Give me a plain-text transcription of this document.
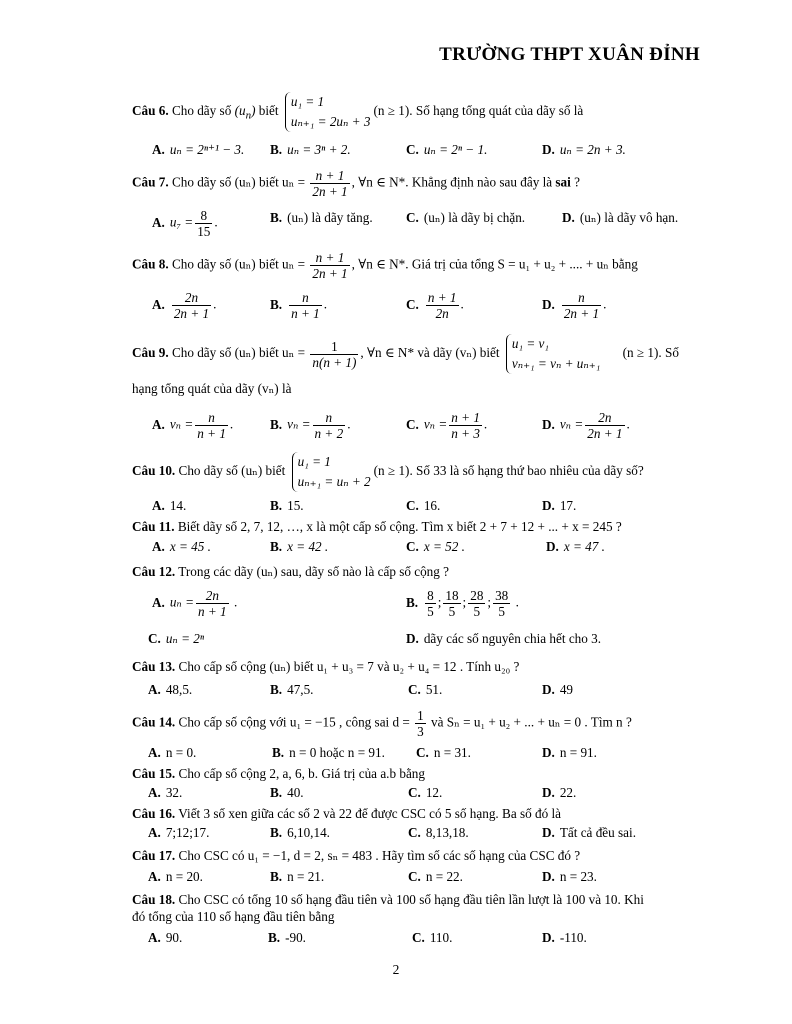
TRƯỜNG THPT XUÂN ĐỈNH
Câu 6. Cho dãy số $(u_n)$ biết
u₁ = 1
uₙ₊₁ = 2uₙ + 3
(n ≥ 1). Số hạng tổng quát của dãy số là
A. uₙ = 2ⁿ⁺¹ − 3. B. uₙ = 3ⁿ + 2.	C. uₙ = 2ⁿ − 1.	D. uₙ = 2n + 3.
Câu 7. Cho dãy số (uₙ) biết $u_n = \frac{n + 1}{2n + 1}$ , ∀n ∈ N*. Khẳng định nào sau đây là sai ?
A. $u_7 = \frac{8}{15}$ .	B. (uₙ) là dãy tăng.	C. (uₙ) là dãy bị chặn.	D. (uₙ) là dãy vô hạn.
Câu 8. Cho dãy số (uₙ) biết $u_n = \frac{n + 1}{2n + 1}$ , ∀n ∈ N*. Giá trị của tổng S = u₁ + u₂ + .... + uₙ bằng
A. $\frac{2n}{2n + 1}$ .	B. $\frac{n}{n + 1}$ .	C. $\frac{n + 1}{2n}$ .	D. $\frac{n}{2n + 1}$ .
Câu 9. Cho dãy số (uₙ) biết $u_n = \frac{1}{n(n + 1)}$ , ∀n ∈ N* và dãy (vₙ) biết
u₁ = v₁
vₙ₊₁ = vₙ + uₙ₊₁
(n ≥ 1). Số
hạng tổng quát của dãy (vₙ) là
A. $v_n = \frac{n}{n + 1}$ .	B. $v_n = \frac{n}{n + 2}$ .	C. $v_n = \frac{n + 1}{n + 3}$ .	D. $v_n = \frac{2n}{2n + 1}$ .
Câu 10. Cho dãy số (uₙ) biết
u₁ = 1
uₙ₊₁ = uₙ + 2
(n ≥ 1). Số 33 là số hạng thứ bao nhiêu của dãy số?
A. 14.	B. 15.	C. 16.	D. 17.
Câu 11. Biết dãy số 2, 7, 12, …, x là một cấp số cộng. Tìm x biết 2 + 7 + 12 + ... + x = 245 ?
A. x = 45 .	B. x = 42 .	C. x = 52 .	D. x = 47 .
Câu 12. Trong các dãy (uₙ) sau, dãy số nào là cấp số cộng ?
A. $u_n = \frac{2n}{n + 1}$ .	B. $\frac{8}{5}$ ; $\frac{18}{5}$ ; $\frac{28}{5}$ ; $\frac{38}{5}$ .
C. uₙ = 2ⁿ	D. dãy các số nguyên chia hết cho 3.
Câu 13. Cho cấp số cộng (uₙ) biết u₁ + u₃ = 7 và u₂ + u₄ = 12 . Tính u₂₀ ?
A. 48,5.	B. 47,5.	C. 51.	D. 49
Câu 14. Cho cấp số cộng với u₁ = −15 , công sai $d = \frac{1}{3}$ và Sₙ = u₁ + u₂ + ... + uₙ = 0 . Tìm n ?
A. n = 0.	B. n = 0 hoặc n = 91. C. n = 31.	D. n = 91.
Câu 15. Cho cấp số cộng 2, a, 6, b. Giá trị của a.b bằng
A. 32.	B. 40.	C. 12.	D. 22.
Câu 16. Viết 3 số xen giữa các số 2 và 22 để được CSC có 5 số hạng. Ba số đó là
A. 7;12;17.	B. 6,10,14.	C. 8,13,18.	D. Tất cả đều sai.
Câu 17. Cho CSC có u₁ = −1, d = 2, sₙ = 483 . Hãy tìm số các số hạng của CSC đó ?
A. n = 20.	B. n = 21.	C. n = 22.	D. n = 23.
Câu 18. Cho CSC có tổng 10 số hạng đầu tiên và 100 số hạng đầu tiên lần lượt là 100 và 10. Khi
đó tổng của 110 số hạng đầu tiên bằng
A. 90.	B. -90.	C. 110.	D. -110.
2
